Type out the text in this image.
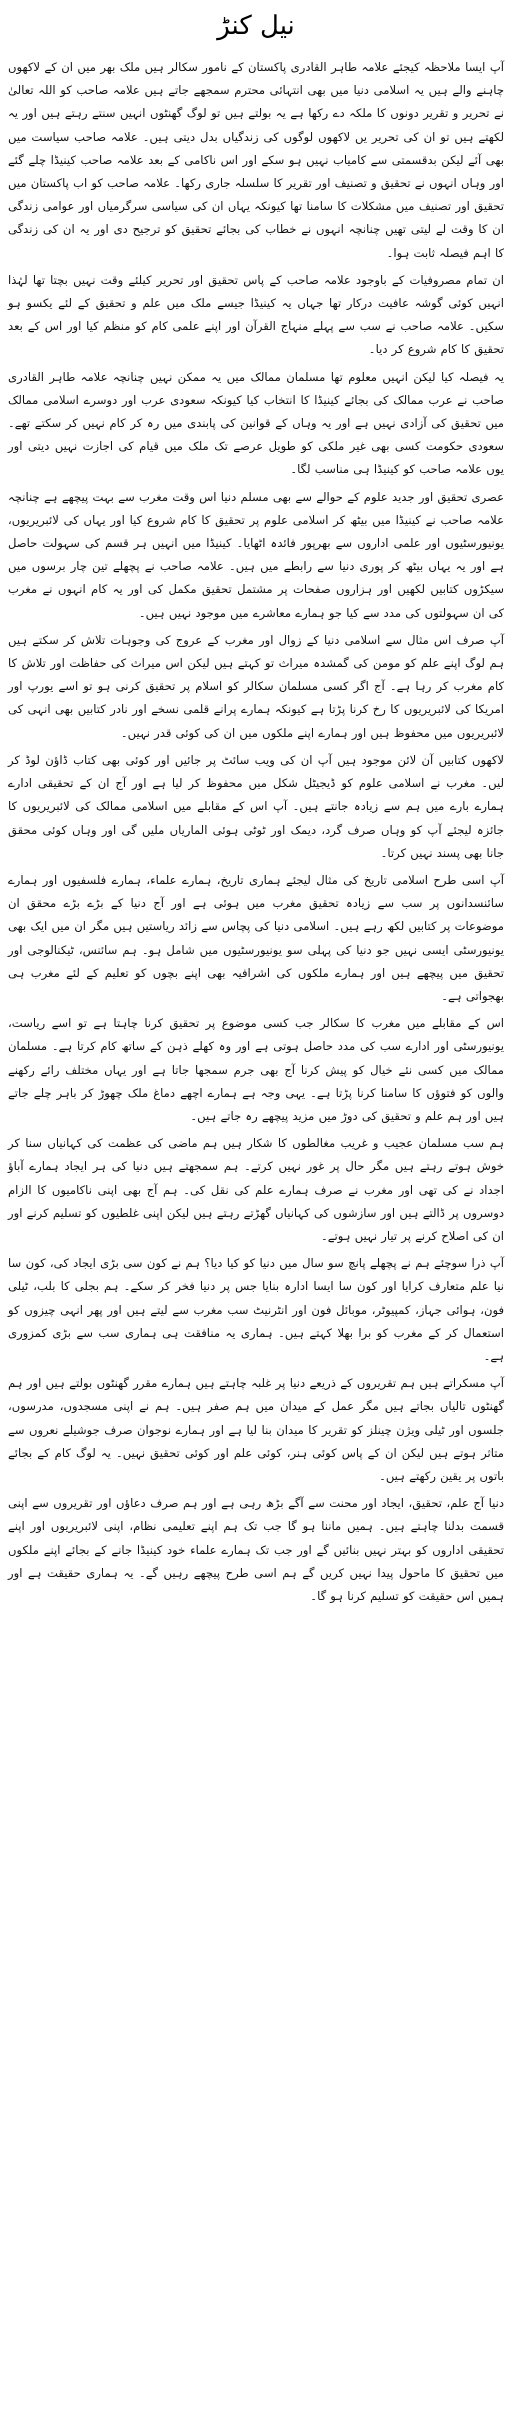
نیل کنڑ

آپ ایسا ملاحظہ کیجئے علامہ طاہر القادری پاکستان کے نامور سکالر ہیں ملک بھر میں ان کے لاکھوں چاہنے والے ہیں یہ اسلامی دنیا میں بھی انتہائی محترم سمجھے جاتے ہیں علامہ صاحب کو اللہ تعالیٰ نے تحریر و تقریر دونوں کا ملکہ دے رکھا ہے یہ بولتے ہیں تو لوگ گھنٹوں انہیں سنتے رہتے ہیں اور یہ لکھتے ہیں تو ان کی تحریر یں لاکھوں لوگوں کی زندگیاں بدل دیتی ہیں۔ علامہ صاحب سیاست میں بھی آئے لیکن بدقسمتی سے کامیاب نہیں ہو سکے اور اس ناکامی کے بعد علامہ صاحب کینیڈا چلے گئے اور وہاں انہوں نے تحقیق و تصنیف اور تقریر کا سلسلہ جاری رکھا۔ علامہ صاحب کو اب پاکستان میں تحقیق اور تصنیف میں مشکلات کا سامنا تھا کیونکہ یہاں ان کی سیاسی سرگرمیاں اور عوامی زندگی ان کا وقت لے لیتی تھیں چنانچہ انہوں نے خطاب کی بجائے تحقیق کو ترجیح دی اور یہ ان کی زندگی کا اہم فیصلہ ثابت ہوا۔

ان تمام مصروفیات کے باوجود علامہ صاحب کے پاس تحقیق اور تحریر کیلئے وقت نہیں بچتا تھا لہٰذا انہیں کوئی گوشہ عافیت درکار تھا جہاں یہ کینیڈا جیسے ملک میں علم و تحقیق کے لئے یکسو ہو سکیں۔ علامہ صاحب نے سب سے پہلے منہاج القرآن اور اپنے علمی کام کو منظم کیا اور اس کے بعد تحقیق کا کام شروع کر دیا۔

یہ فیصلہ کیا لیکن انہیں معلوم تھا مسلمان ممالک میں یہ ممکن نہیں چنانچہ علامہ طاہر القادری صاحب نے عرب ممالک کی بجائے کینیڈا کا انتخاب کیا کیونکہ سعودی عرب اور دوسرے اسلامی ممالک میں تحقیق کی آزادی نہیں ہے اور یہ وہاں کے قوانین کی پابندی میں رہ کر کام نہیں کر سکتے تھے۔ سعودی حکومت کسی بھی غیر ملکی کو طویل عرصے تک ملک میں قیام کی اجازت نہیں دیتی اور یوں علامہ صاحب کو کینیڈا ہی مناسب لگا۔

عصری تحقیق اور جدید علوم کے حوالے سے بھی مسلم دنیا اس وقت مغرب سے بہت پیچھے ہے چنانچہ علامہ صاحب نے کینیڈا میں بیٹھ کر اسلامی علوم پر تحقیق کا کام شروع کیا اور یہاں کی لائبریریوں، یونیورسٹیوں اور علمی اداروں سے بھرپور فائدہ اٹھایا۔ کینیڈا میں انہیں ہر قسم کی سہولت حاصل ہے اور یہ یہاں بیٹھ کر پوری دنیا سے رابطے میں ہیں۔ علامہ صاحب نے پچھلے تین چار برسوں میں سیکڑوں کتابیں لکھیں اور ہزاروں صفحات پر مشتمل تحقیق مکمل کی اور یہ کام انہوں نے مغرب کی ان سہولتوں کی مدد سے کیا جو ہمارے معاشرے میں موجود نہیں ہیں۔

آپ صرف اس مثال سے اسلامی دنیا کے زوال اور مغرب کے عروج کی وجوہات تلاش کر سکتے ہیں ہم لوگ اپنے علم کو مومن کی گمشدہ میراث تو کہتے ہیں لیکن اس میراث کی حفاظت اور تلاش کا کام مغرب کر رہا ہے۔ آج اگر کسی مسلمان سکالر کو اسلام پر تحقیق کرنی ہو تو اسے یورپ اور امریکا کی لائبریریوں کا رخ کرنا پڑتا ہے کیونکہ ہمارے پرانے قلمی نسخے اور نادر کتابیں بھی انہی کی لائبریریوں میں محفوظ ہیں اور ہمارے اپنے ملکوں میں ان کی کوئی قدر نہیں۔

لاکھوں کتابیں آن لائن موجود ہیں آپ ان کی ویب سائٹ پر جائیں اور کوئی بھی کتاب ڈاؤن لوڈ کر لیں۔ مغرب نے اسلامی علوم کو ڈیجیٹل شکل میں محفوظ کر لیا ہے اور آج ان کے تحقیقی ادارے ہمارے بارے میں ہم سے زیادہ جانتے ہیں۔ آپ اس کے مقابلے میں اسلامی ممالک کی لائبریریوں کا جائزہ لیجئے آپ کو وہاں صرف گرد، دیمک اور ٹوٹی ہوئی الماریاں ملیں گی اور وہاں کوئی محقق جانا بھی پسند نہیں کرتا۔

آپ اسی طرح اسلامی تاریخ کی مثال لیجئے ہماری تاریخ، ہمارے علماء، ہمارے فلسفیوں اور ہمارے سائنسدانوں پر سب سے زیادہ تحقیق مغرب میں ہوئی ہے اور آج دنیا کے بڑے بڑے محقق ان موضوعات پر کتابیں لکھ رہے ہیں۔ اسلامی دنیا کی پچاس سے زائد ریاستیں ہیں مگر ان میں ایک بھی یونیورسٹی ایسی نہیں جو دنیا کی پہلی سو یونیورسٹیوں میں شامل ہو۔ ہم سائنس، ٹیکنالوجی اور تحقیق میں پیچھے ہیں اور ہمارے ملکوں کی اشرافیہ بھی اپنے بچوں کو تعلیم کے لئے مغرب ہی بھجواتی ہے۔

اس کے مقابلے میں مغرب کا سکالر جب کسی موضوع پر تحقیق کرنا چاہتا ہے تو اسے ریاست، یونیورسٹی اور ادارے سب کی مدد حاصل ہوتی ہے اور وہ کھلے ذہن کے ساتھ کام کرتا ہے۔ مسلمان ممالک میں کسی نئے خیال کو پیش کرنا آج بھی جرم سمجھا جاتا ہے اور یہاں مختلف رائے رکھنے والوں کو فتوؤں کا سامنا کرنا پڑتا ہے۔ یہی وجہ ہے ہمارے اچھے دماغ ملک چھوڑ کر باہر چلے جاتے ہیں اور ہم علم و تحقیق کی دوڑ میں مزید پیچھے رہ جاتے ہیں۔

ہم سب مسلمان عجیب و غریب مغالطوں کا شکار ہیں ہم ماضی کی عظمت کی کہانیاں سنا کر خوش ہوتے رہتے ہیں مگر حال پر غور نہیں کرتے۔ ہم سمجھتے ہیں دنیا کی ہر ایجاد ہمارے آباؤ اجداد نے کی تھی اور مغرب نے صرف ہمارے علم کی نقل کی۔ ہم آج بھی اپنی ناکامیوں کا الزام دوسروں پر ڈالتے ہیں اور سازشوں کی کہانیاں گھڑتے رہتے ہیں لیکن اپنی غلطیوں کو تسلیم کرنے اور ان کی اصلاح کرنے پر تیار نہیں ہوتے۔

آپ ذرا سوچئے ہم نے پچھلے پانچ سو سال میں دنیا کو کیا دیا؟ ہم نے کون سی بڑی ایجاد کی، کون سا نیا علم متعارف کرایا اور کون سا ایسا ادارہ بنایا جس پر دنیا فخر کر سکے۔ ہم بجلی کا بلب، ٹیلی فون، ہوائی جہاز، کمپیوٹر، موبائل فون اور انٹرنیٹ سب مغرب سے لیتے ہیں اور پھر انہی چیزوں کو استعمال کر کے مغرب کو برا بھلا کہتے ہیں۔ ہماری یہ منافقت ہی ہماری سب سے بڑی کمزوری ہے۔

آپ مسکراتے ہیں ہم تقریروں کے ذریعے دنیا پر غلبہ چاہتے ہیں ہمارے مقرر گھنٹوں بولتے ہیں اور ہم گھنٹوں تالیاں بجاتے ہیں مگر عمل کے میدان میں ہم صفر ہیں۔ ہم نے اپنی مسجدوں، مدرسوں، جلسوں اور ٹیلی ویژن چینلز کو تقریر کا میدان بنا لیا ہے اور ہمارے نوجوان صرف جوشیلے نعروں سے متاثر ہوتے ہیں لیکن ان کے پاس کوئی ہنر، کوئی علم اور کوئی تحقیق نہیں۔ یہ لوگ کام کے بجائے باتوں پر یقین رکھتے ہیں۔

دنیا آج علم، تحقیق، ایجاد اور محنت سے آگے بڑھ رہی ہے اور ہم صرف دعاؤں اور تقریروں سے اپنی قسمت بدلنا چاہتے ہیں۔ ہمیں ماننا ہو گا جب تک ہم اپنے تعلیمی نظام، اپنی لائبریریوں اور اپنے تحقیقی اداروں کو بہتر نہیں بنائیں گے اور جب تک ہمارے علماء خود کینیڈا جانے کے بجائے اپنے ملکوں میں تحقیق کا ماحول پیدا نہیں کریں گے ہم اسی طرح پیچھے رہیں گے۔ یہ ہماری حقیقت ہے اور ہمیں اس حقیقت کو تسلیم کرنا ہو گا۔
